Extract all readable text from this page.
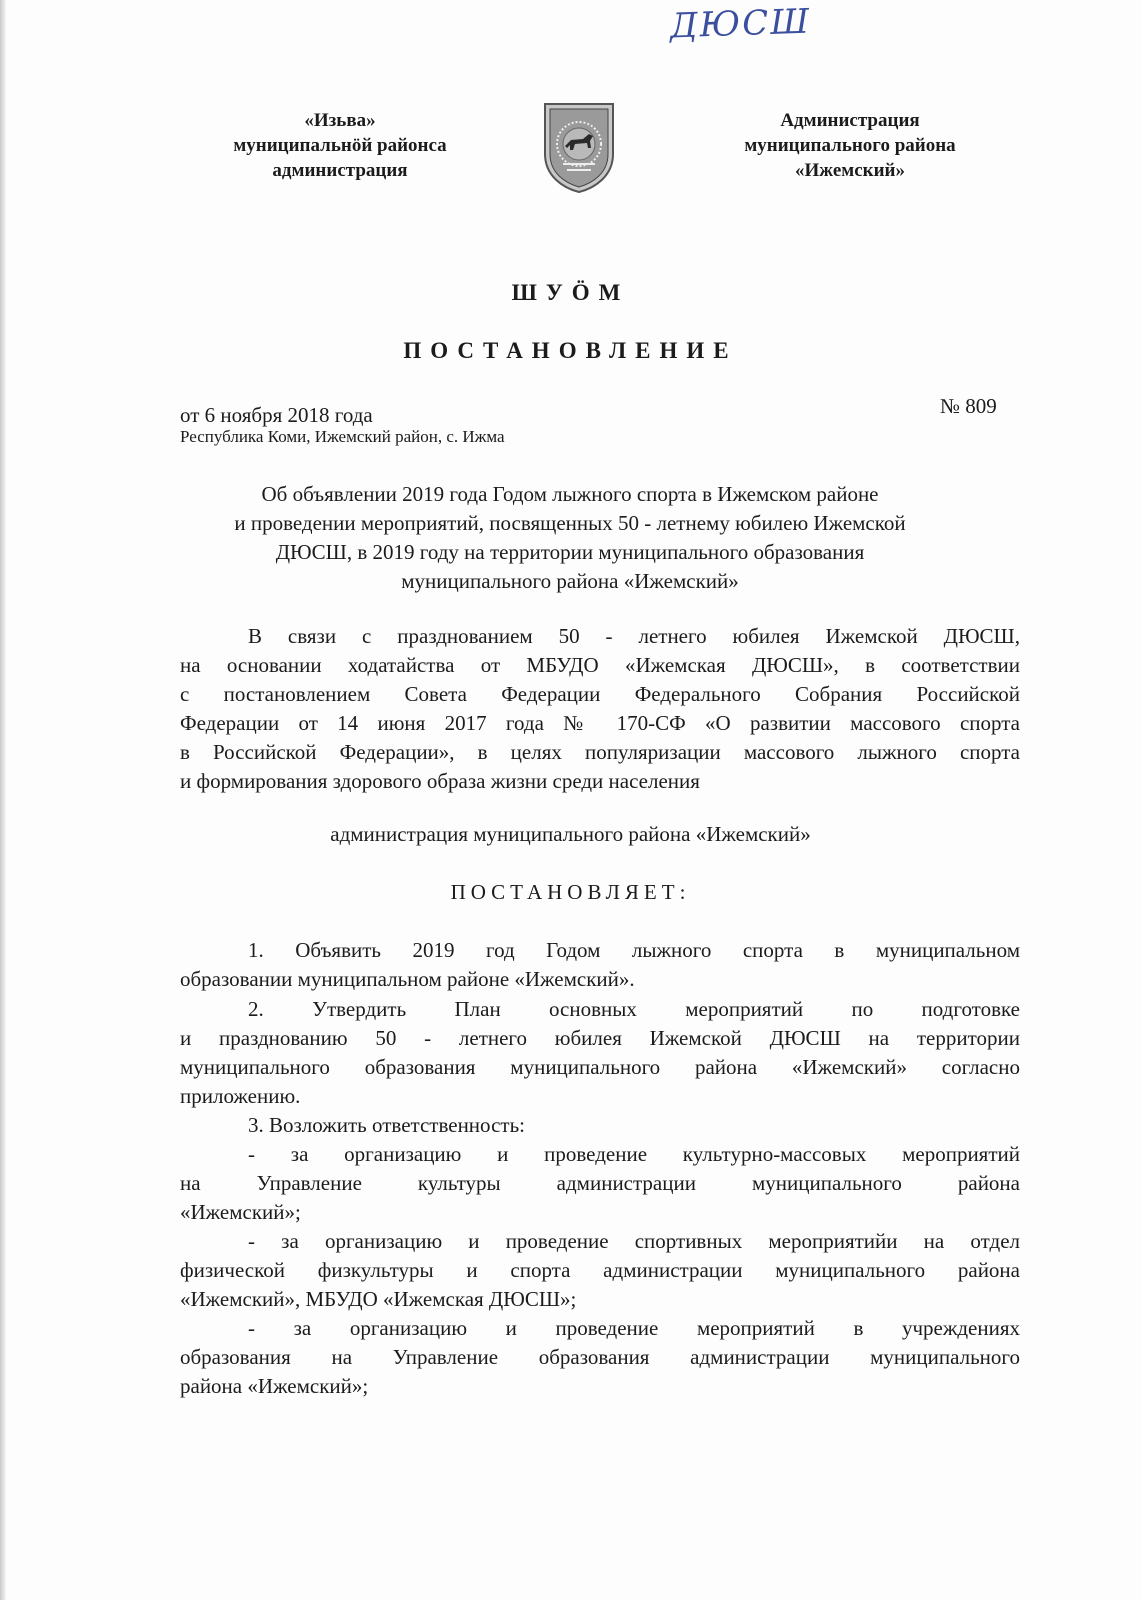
ДЮСШ
«Изьва»
муниципальнӧй районса
администрация
Администрация
муниципального района
«Ижемский»
ШУӦМ
ПОСТАНОВЛЕНИЕ
от 6 ноября 2018 года	№ 809
Республика Коми, Ижемский район, с. Ижма
Об объявлении 2019 года Годом лыжного спорта в Ижемском районе
и проведении мероприятий, посвященных 50 - летнему юбилею Ижемской
ДЮСШ, в 2019 году на территории муниципального образования
муниципального района «Ижемский»
В связи с празднованием 50 - летнего юбилея Ижемской ДЮСШ,
на основании ходатайства от МБУДО «Ижемская ДЮСШ», в соответствии
с постановлением Совета Федерации Федерального Собрания Российской
Федерации от 14 июня 2017 года № 170-СФ «О развитии массового спорта
в Российской Федерации», в целях популяризации массового лыжного спорта
и формирования здорового образа жизни среди населения
администрация муниципального района «Ижемский»
ПОСТАНОВЛЯЕТ:
1. Объявить 2019 год Годом лыжного спорта в муниципальном
образовании муниципальном районе «Ижемский».
2. Утвердить План основных мероприятий по подготовке
и празднованию 50 - летнего юбилея Ижемской ДЮСШ на территории
муниципального образования муниципального района «Ижемский» согласно
приложению.
3. Возложить ответственность:
- за организацию и проведение культурно-массовых мероприятий
на Управление культуры администрации муниципального района
«Ижемский»;
- за организацию и проведение спортивных мероприятийи на отдел
физической физкультуры и спорта администрации муниципального района
«Ижемский», МБУДО «Ижемская ДЮСШ»;
- за организацию и проведение мероприятий в учреждениях
образования на Управление образования администрации муниципального
района «Ижемский»;
